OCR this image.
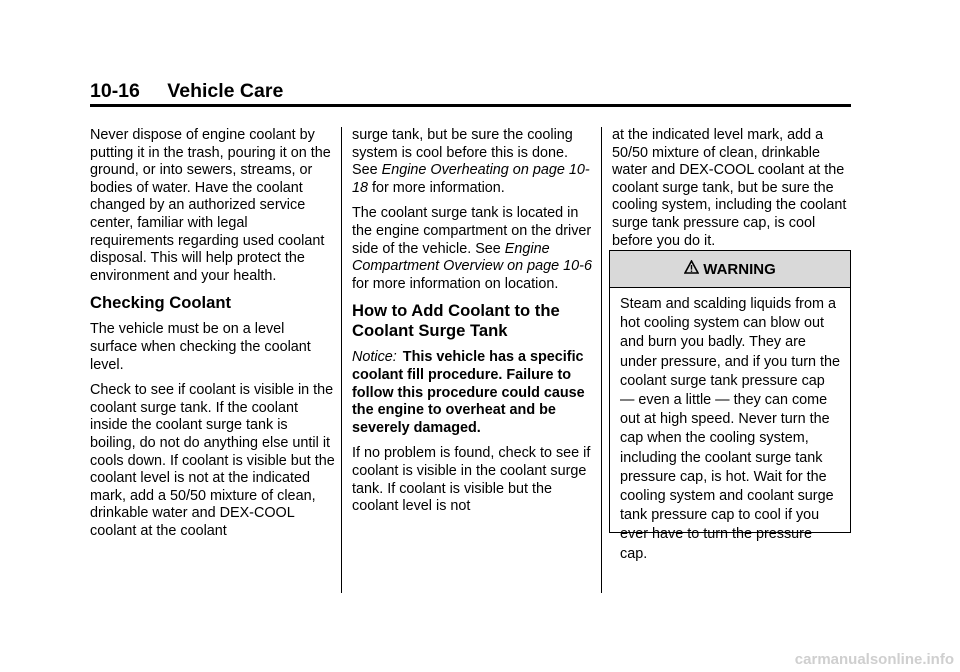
10-16 Vehicle Care

Never dispose of engine coolant by putting it in the trash, pouring it on the ground, or into sewers, streams, or bodies of water. Have the coolant changed by an authorized service center, familiar with legal requirements regarding used coolant disposal. This will help protect the environment and your health.

Checking Coolant

The vehicle must be on a level surface when checking the coolant level.

Check to see if coolant is visible in the coolant surge tank. If the coolant inside the coolant surge tank is boiling, do not do anything else until it cools down. If coolant is visible but the coolant level is not at the indicated mark, add a 50/50 mixture of clean, drinkable water and DEX-COOL coolant at the coolant

surge tank, but be sure the cooling system is cool before this is done. See Engine Overheating on page 10-18 for more information.

The coolant surge tank is located in the engine compartment on the driver side of the vehicle. See Engine Compartment Overview on page 10-6 for more information on location.

How to Add Coolant to the Coolant Surge Tank

Notice: This vehicle has a specific coolant fill procedure. Failure to follow this procedure could cause the engine to overheat and be severely damaged.

If no problem is found, check to see if coolant is visible in the coolant surge tank. If coolant is visible but the coolant level is not

at the indicated level mark, add a 50/50 mixture of clean, drinkable water and DEX-COOL coolant at the coolant surge tank, but be sure the cooling system, including the coolant surge tank pressure cap, is cool before you do it.

WARNING
Steam and scalding liquids from a hot cooling system can blow out and burn you badly. They are under pressure, and if you turn the coolant surge tank pressure cap — even a little — they can come out at high speed. Never turn the cap when the cooling system, including the coolant surge tank pressure cap, is hot. Wait for the cooling system and coolant surge tank pressure cap to cool if you ever have to turn the pressure cap.
carmanualsonline.info
